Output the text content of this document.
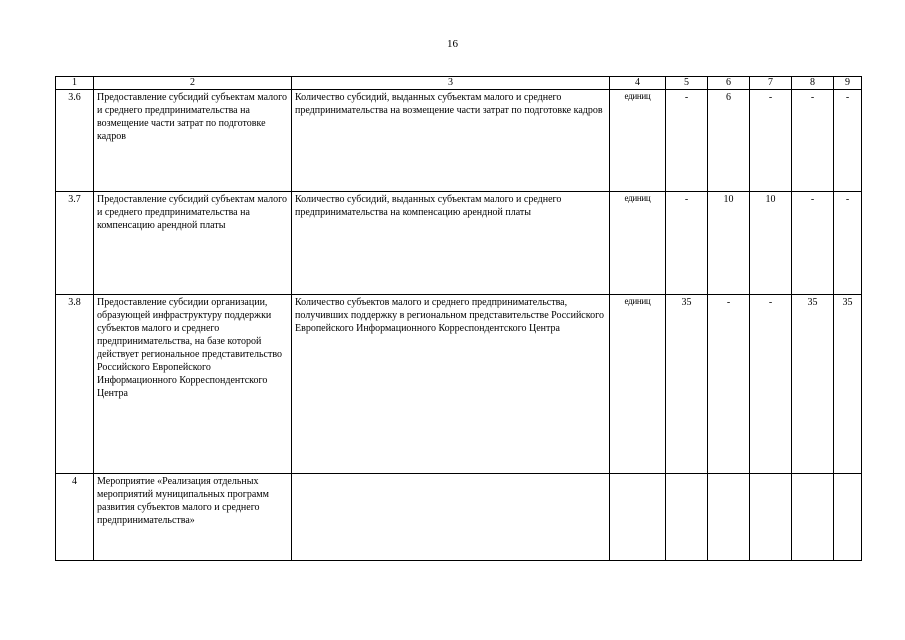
16
1	2	3	4	5	6	7	8	9
3.6	Предоставление субсидий субъектам малого и среднего предпринимательства на возмещение части затрат по подготовке кадров	Количество субсидий, выданных субъектам малого и среднего предпринимательства на возмещение части затрат по подготовке кадров	единиц	-	6	-	-	-
3.7	Предоставление субсидий субъектам малого и среднего предпринимательства на компенсацию арендной платы	Количество субсидий, выданных субъектам малого и среднего предпринимательства на компенсацию арендной платы	единиц	-	10	10	-	-
3.8	Предоставление субсидии организации, образующей инфраструктуру поддержки субъектов малого и среднего предпринимательства, на базе которой действует региональное представительство Российского Европейского Информационного Корреспондентского Центра	Количество субъектов малого и среднего предпринимательства, получивших поддержку в региональном представительстве Российского Европейского Информационного Корреспондентского Центра	единиц	35	-	-	35	35
4	Мероприятие «Реализация отдельных мероприятий муниципальных программ развития субъектов малого и среднего предпринимательства»							
